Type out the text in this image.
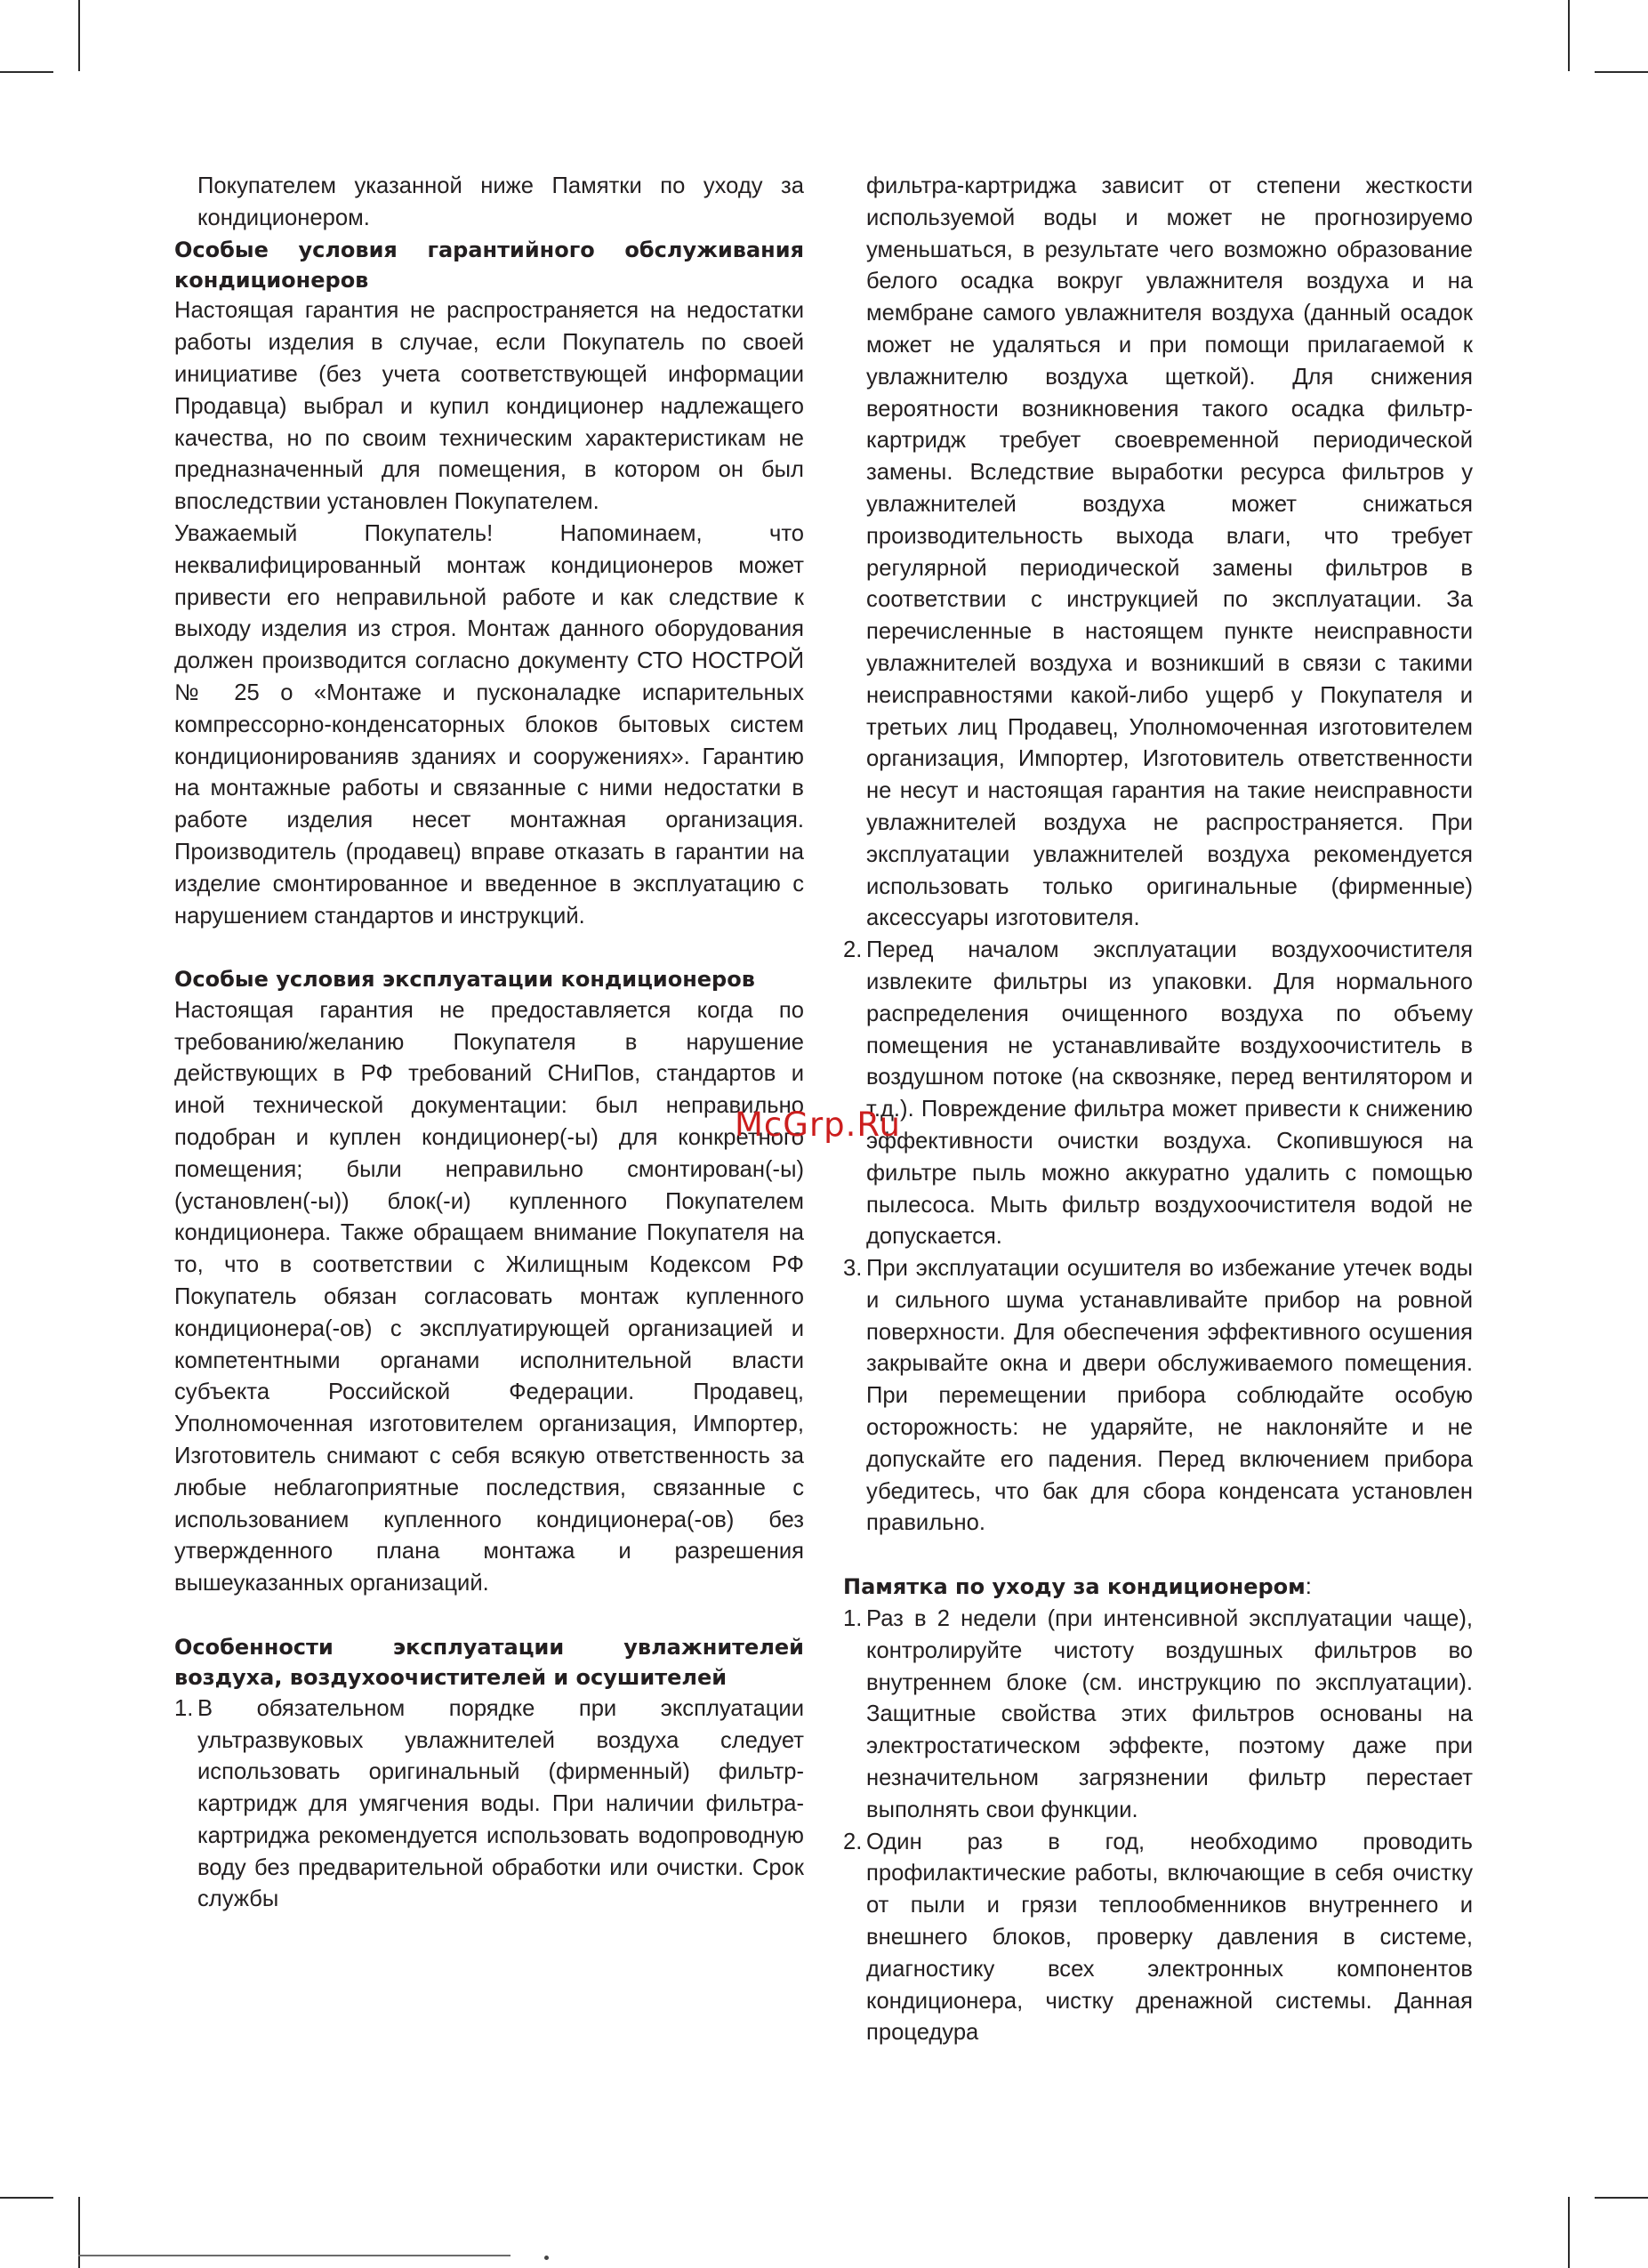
Покупателем указанной ниже Памятки по уходу за кондиционером.

Особые условия гарантийного обслуживания кондиционеров

Настоящая гарантия не распространяется на недостатки работы изделия в случае, если Покупатель по своей инициативе (без учета соответствующей информации Продавца) выбрал и купил кондиционер надлежащего качества, но по своим техническим характеристикам не предназначенный для помещения, в котором он был впоследствии установлен Покупателем.

Уважаемый Покупатель! Напоминаем, что неквалифицированный монтаж кондиционеров может привести его неправильной работе и как следствие к выходу изделия из строя. Монтаж данного оборудования должен производится согласно документу СТО НОСТРОЙ № 25 о «Монтаже и пусконаладке испарительных компрессорно-конденсаторных блоков бытовых систем кондиционированияв зданиях и сооружениях». Гарантию на монтажные работы и связанные с ними недостатки в работе изделия несет монтажная организация. Производитель (продавец) вправе отказать в гарантии на изделие смонтированное и введенное в эксплуатацию с нарушением стандартов и инструкций.

Особые условия эксплуатации кондиционеров

Настоящая гарантия не предоставляется когда по требованию/желанию Покупателя в нарушение действующих в РФ требований СНиПов, стандартов и иной технической документации: был неправильно подобран и куплен кондиционер(-ы) для конкретного помещения; были неправильно смонтирован(-ы) (установлен(-ы)) блок(-и) купленного Покупателем кондиционера. Также обращаем внимание Покупателя на то, что в соответствии с Жилищным Кодексом РФ Покупатель обязан согласовать монтаж купленного кондиционера(-ов) с эксплуатирующей организацией и компетентными органами исполнительной власти субъекта Российской Федерации. Продавец, Уполномоченная изготовителем организация, Импортер, Изготовитель снимают с себя всякую ответственность за любые неблагоприятные последствия, связанные с использованием купленного кондиционера(-ов) без утвержденного плана монтажа и разрешения вышеуказанных организаций.

Особенности эксплуатации увлажнителей воздуха, воздухоочистителей и осушителей

1. В обязательном порядке при эксплуатации ультразвуковых увлажнителей воздуха следует использовать оригинальный (фирменный) фильтр-картридж для умягчения воды. При наличии фильтра-картриджа рекомендуется использовать водопроводную воду без предварительной обработки или очистки. Срок службы

фильтра-картриджа зависит от степени жесткости используемой воды и может не прогнозируемо уменьшаться, в результате чего возможно образование белого осадка вокруг увлажнителя воздуха и на мембране самого увлажнителя воздуха (данный осадок может не удаляться и при помощи прилагаемой к увлажнителю воздуха щеткой). Для снижения вероятности возникновения такого осадка фильтр-картридж требует своевременной периодической замены. Вследствие выработки ресурса фильтров у увлажнителей воздуха может снижаться производительность выхода влаги, что требует регулярной периодической замены фильтров в соответствии с инструкцией по эксплуатации. За перечисленные в настоящем пункте неисправности увлажнителей воздуха и возникший в связи с такими неисправностями какой-либо ущерб у Покупателя и третьих лиц Продавец, Уполномоченная изготовителем организация, Импортер, Изготовитель ответственности не несут и настоящая гарантия на такие неисправности увлажнителей воздуха не распространяется. При эксплуатации увлажнителей воздуха рекомендуется использовать только оригинальные (фирменные) аксессуары изготовителя.

2. Перед началом эксплуатации воздухоочистителя извлеките фильтры из упаковки. Для нормального распределения очищенного воздуха по объему помещения не устанавливайте воздухоочиститель в воздушном потоке (на сквозняке, перед вентилятором и т.д.). Повреждение фильтра может привести к снижению эффективности очистки воздуха. Скопившуюся на фильтре пыль можно аккуратно удалить с помощью пылесоса. Мыть фильтр воздухоочистителя водой не допускается.

3. При эксплуатации осушителя во избежание утечек воды и сильного шума устанавливайте прибор на ровной поверхности. Для обеспечения эффективного осушения закрывайте окна и двери обслуживаемого помещения. При перемещении прибора соблюдайте особую осторожность: не ударяйте, не наклоняйте и не допускайте его падения. Перед включением прибора убедитесь, что бак для сбора конденсата установлен правильно.

Памятка по уходу за кондиционером:

1. Раз в 2 недели (при интенсивной эксплуатации чаще), контролируйте чистоту воздушных фильтров во внутреннем блоке (см. инструкцию по эксплуатации). Защитные свойства этих фильтров основаны на электростатическом эффекте, поэтому даже при незначительном загрязнении фильтр перестает выполнять свои функции.

2. Один раз в год, необходимо проводить профилактические работы, включающие в себя очистку от пыли и грязи теплообменников внутреннего и внешнего блоков, проверку давления в системе, диагностику всех электронных компонентов кондиционера, чистку дренажной системы. Данная процедура

McGrp.Ru
